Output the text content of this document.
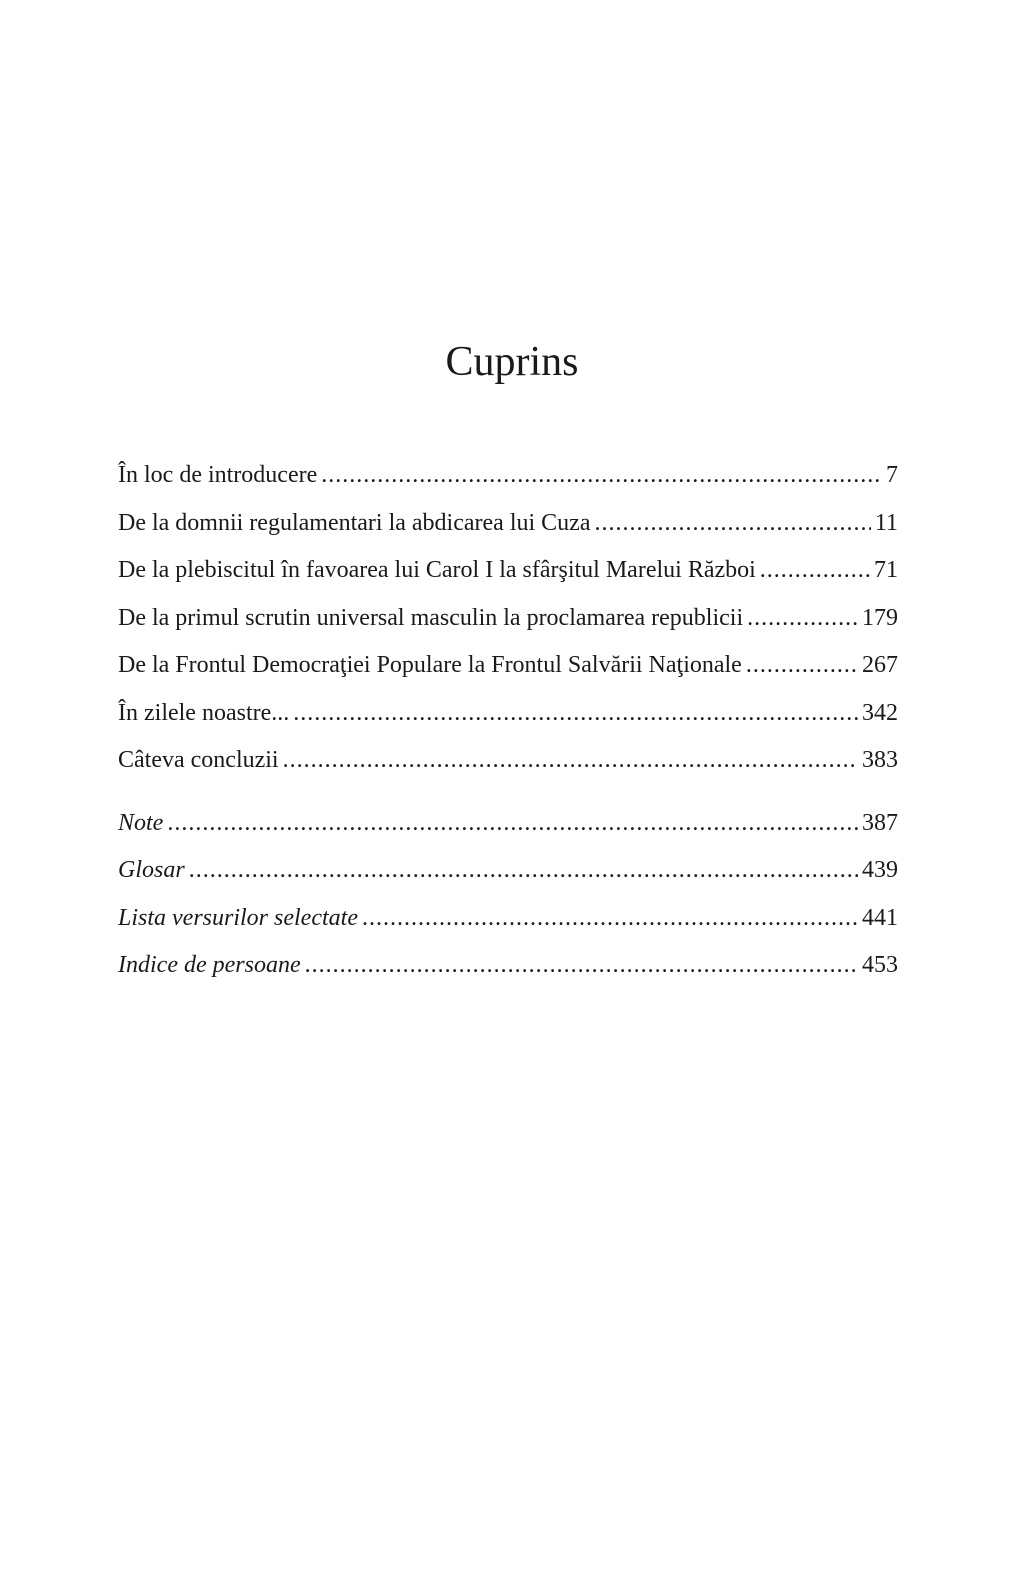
Cuprins
În loc de introducere .....	7
De la domnii regulamentari la abdicarea lui Cuza .....	11
De la plebiscitul în favoarea lui Carol I la sfârşitul Marelui Război .....	71
De la primul scrutin universal masculin la proclamarea republicii .....	179
De la Frontul Democraţiei Populare la Frontul Salvării Naţionale .....	267
În zilele noastre... .....	342
Câteva concluzii .....	383
Note .....	387
Glosar .....	439
Lista versurilor selectate .....	441
Indice de persoane .....	453
